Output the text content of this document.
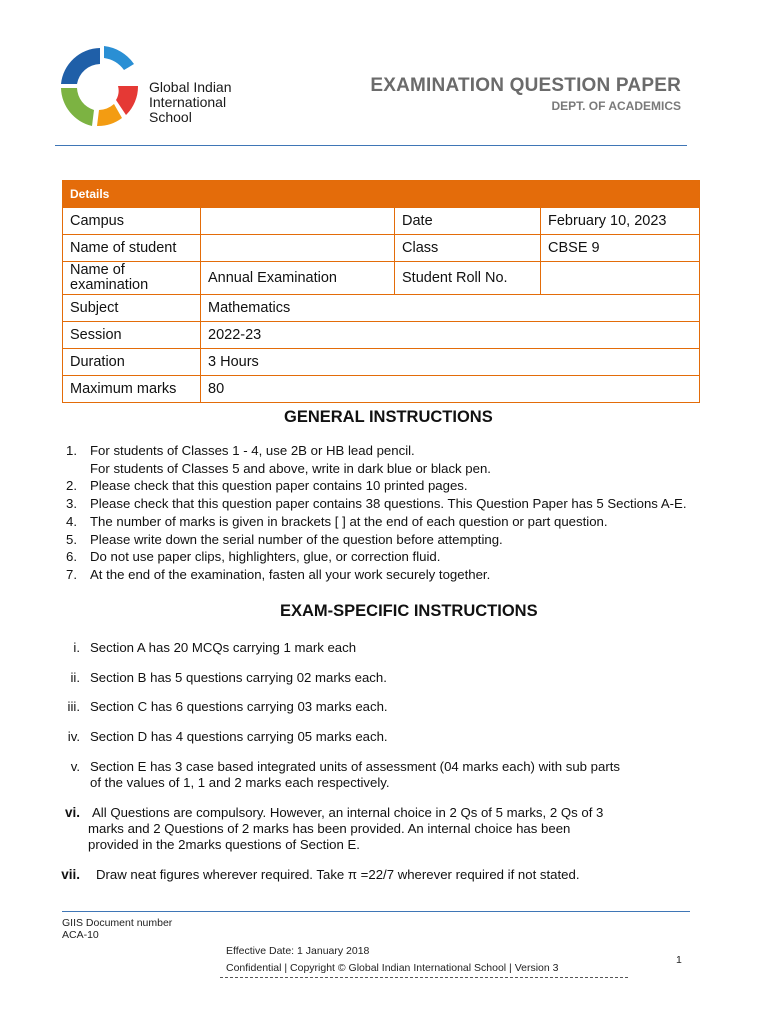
Global Indian
International
School
EXAMINATION QUESTION PAPER
DEPT. OF ACADEMICS
Details			
Campus		Date	February 10, 2023
Name of student		Class	CBSE 9
Name of examination	Annual Examination	Student Roll No.	
Subject	Mathematics		
Session	2022-23		
Duration	3 Hours		
Maximum marks	80		
GENERAL INSTRUCTIONS
1. For students of Classes 1 - 4, use 2B or HB lead pencil.
For students of Classes 5 and above, write in dark blue or black pen.
2. Please check that this question paper contains 10 printed pages.
3. Please check that this question paper contains 38 questions. This Question Paper has 5 Sections A-E.
4. The number of marks is given in brackets [ ] at the end of each question or part question.
5. Please write down the serial number of the question before attempting.
6. Do not use paper clips, highlighters, glue, or correction fluid.
7. At the end of the examination, fasten all your work securely together.
EXAM-SPECIFIC INSTRUCTIONS
i. Section A has 20 MCQs carrying 1 mark each
ii. Section B has 5 questions carrying 02 marks each.
iii. Section C has 6 questions carrying 03 marks each.
iv. Section D has 4 questions carrying 05 marks each.
v. Section E has 3 case based integrated units of assessment (04 marks each) with sub parts
of the values of 1, 1 and 2 marks each respectively.
vi. All Questions are compulsory. However, an internal choice in 2 Qs of 5 marks, 2 Qs of 3
marks and 2 Questions of 2 marks has been provided. An internal choice has been
provided in the 2marks questions of Section E.
vii. Draw neat figures wherever required. Take π =22/7 wherever required if not stated.
GIIS Document number
ACA-10
Effective Date: 1 January 2018
Confidential | Copyright © Global Indian International School | Version 3
1
